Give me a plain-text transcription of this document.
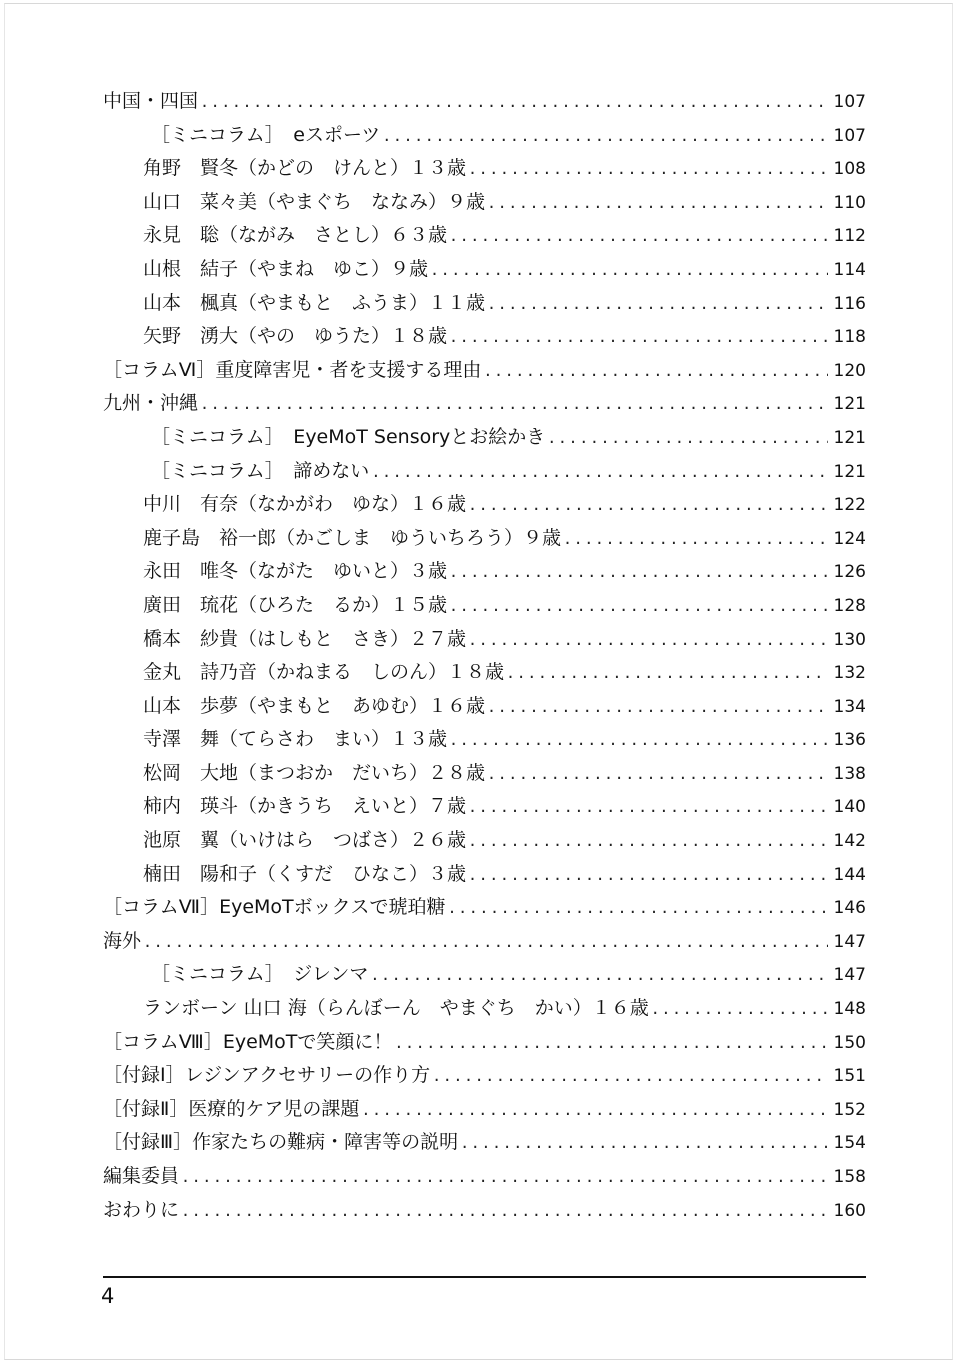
中国・四国 .....	107
［ミニコラム］　eスポーツ .....	107
角野　賢冬（かどの　けんと）１３歳 .....	108
山口　菜々美（やまぐち　ななみ）９歳 .....	110
永見　聡（ながみ　さとし）６３歳 .....	112
山根　結子（やまね　ゆこ）９歳 .....	114
山本　楓真（やまもと　ふうま）１１歳 .....	116
矢野　湧大（やの　ゆうた）１８歳 .....	118
［コラムⅥ］重度障害児・者を支援する理由 .....	120
九州・沖縄 .....	121
［ミニコラム］　EyeMoT Sensoryとお絵かき .....	121
［ミニコラム］　諦めない .....	121
中川　有奈（なかがわ　ゆな）１６歳 .....	122
鹿子島　裕一郎（かごしま　ゆういちろう）９歳 .....	124
永田　唯冬（ながた　ゆいと）３歳 .....	126
廣田　琉花（ひろた　るか）１５歳 .....	128
橋本　紗貴（はしもと　さき）２７歳 .....	130
金丸　詩乃音（かねまる　しのん）１８歳 .....	132
山本　歩夢（やまもと　あゆむ）１６歳 .....	134
寺澤　舞（てらさわ　まい）１３歳 .....	136
松岡　大地（まつおか　だいち）２８歳 .....	138
柿内　瑛斗（かきうち　えいと）７歳 .....	140
池原　翼（いけはら　つばさ）２６歳 .....	142
楠田　陽和子（くすだ　ひなこ）３歳 .....	144
［コラムⅦ］EyeMoTボックスで琥珀糖 .....	146
海外 .....	147
［ミニコラム］　ジレンマ .....	147
ランボーン 山口 海（らんぼーん　やまぐち　かい）１６歳 .....	148
［コラムⅧ］EyeMoTで笑顔に！ .....	150
［付録Ⅰ］レジンアクセサリーの作り方 .....	151
［付録Ⅱ］医療的ケア児の課題 .....	152
［付録Ⅲ］作家たちの難病・障害等の説明 .....	154
編集委員 .....	158
おわりに .....	160
4
